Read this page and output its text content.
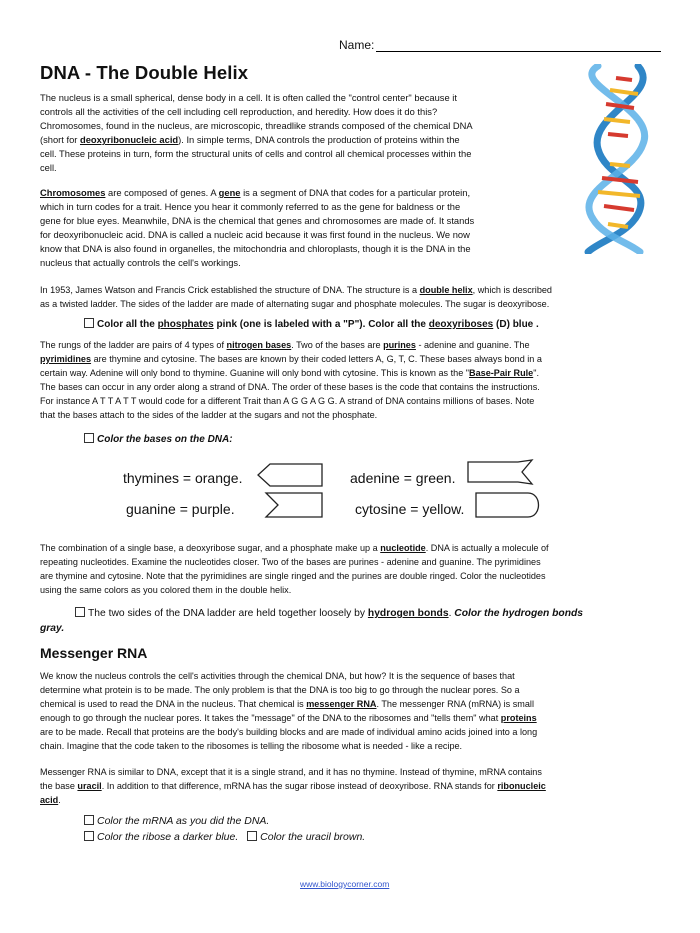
Name:
DNA - The Double Helix
The nucleus is a small spherical, dense body in a cell. It is often called the "control center" because it
controls all the activities of the cell including cell reproduction, and heredity. How does it do this?
Chromosomes, found in the nucleus, are microscopic, threadlike strands composed of the chemical DNA
(short for deoxyribonucleic acid). In simple terms, DNA controls the production of proteins within the
cell. These proteins in turn, form the structural units of cells and control all chemical processes within the
cell.
Chromosomes are composed of genes. A gene is a segment of DNA that codes for a particular protein,
which in turn codes for a trait. Hence you hear it commonly referred to as the gene for baldness or the
gene for blue eyes. Meanwhile, DNA is the chemical that genes and chromosomes are made of. It stands
for deoxyribonucleic acid. DNA is called a nucleic acid because it was first found in the nucleus. We now
know that DNA is also found in organelles, the mitochondria and chloroplasts, though it is the DNA in the
nucleus that actually controls the cell's workings.
In 1953, James Watson and Francis Crick established the structure of DNA. The structure is a double helix, which is described
as a twisted ladder. The sides of the ladder are made of alternating sugar and phosphate molecules. The sugar is deoxyribose.
Color all the phosphates pink (one is labeled with a "P"). Color all the deoxyriboses (D) blue .
The rungs of the ladder are pairs of 4 types of nitrogen bases. Two of the bases are purines - adenine and guanine. The
pyrimidines are thymine and cytosine. The bases are known by their coded letters A, G, T, C. These bases always bond in a
certain way. Adenine will only bond to thymine. Guanine will only bond with cytosine. This is known as the "Base-Pair Rule".
The bases can occur in any order along a strand of DNA. The order of these bases is the code that contains the instructions.
For instance A T T A T T would code for a different Trait than A G G A G G. A strand of DNA contains millions of bases. Note
that the bases attach to the sides of the ladder at the sugars and not the phosphate.
Color the bases on the DNA:
thymines = orange.	adenine = green.
guanine = purple.	cytosine = yellow.
The combination of a single base, a deoxyribose sugar, and a phosphate make up a nucleotide. DNA is actually a molecule of
repeating nucleotides. Examine the nucleotides closer. Two of the bases are purines - adenine and guanine. The pyrimidines
are thymine and cytosine. Note that the pyrimidines are single ringed and the purines are double ringed. Color the nucleotides
using the same colors as you colored them in the double helix.
The two sides of the DNA ladder are held together loosely by hydrogen bonds. Color the hydrogen bonds
gray.
Messenger RNA
We know the nucleus controls the cell's activities through the chemical DNA, but how? It is the sequence of bases that
determine what protein is to be made. The only problem is that the DNA is too big to go through the nuclear pores. So a
chemical is used to read the DNA in the nucleus. That chemical is messenger RNA. The messenger RNA (mRNA) is small
enough to go through the nuclear pores. It takes the "message" of the DNA to the ribosomes and "tells them" what proteins
are to be made. Recall that proteins are the body's building blocks and are made of individual amino acids joined into a long
chain. Imagine that the code taken to the ribosomes is telling the ribosome what is needed - like a recipe.
Messenger RNA is similar to DNA, except that it is a single strand, and it has no thymine. Instead of thymine, mRNA contains
the base uracil. In addition to that difference, mRNA has the sugar ribose instead of deoxyribose. RNA stands for ribonucleic
acid.
Color the mRNA as you did the DNA.
Color the ribose a darker blue. Color the uracil brown.
www.biologycorner.com
